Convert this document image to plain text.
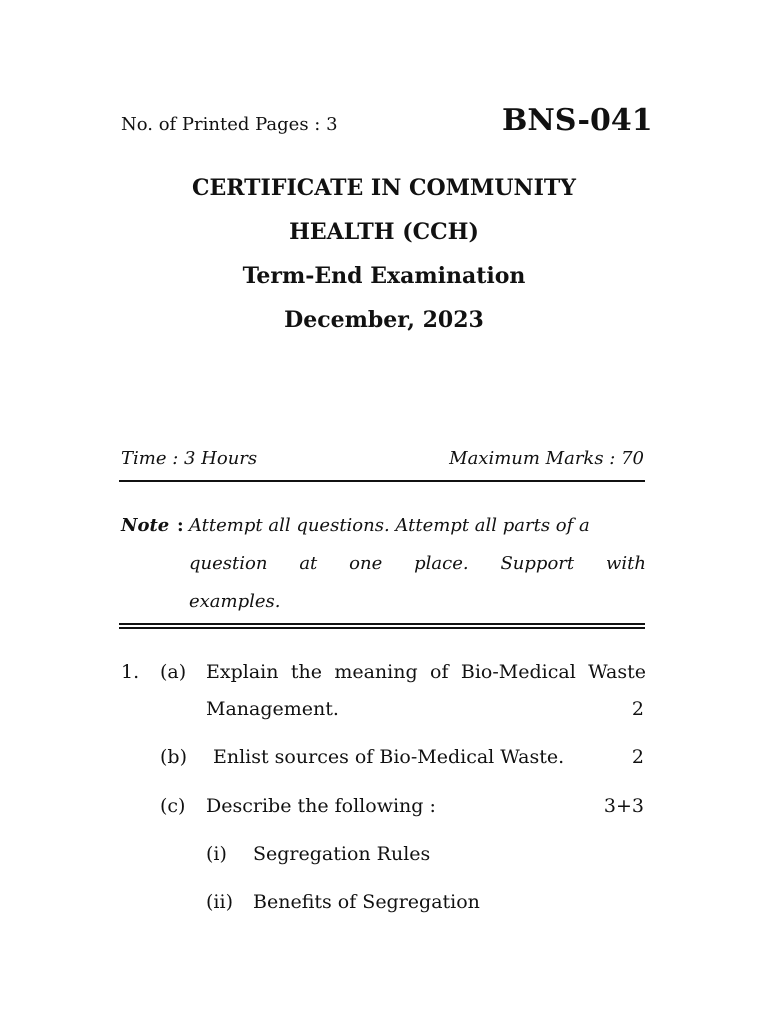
No. of Printed Pages : 3	BNS-041
CERTIFICATE IN COMMUNITY
HEALTH (CCH)
Term-End Examination
December, 2023
Time : 3 Hours	Maximum Marks : 70
Note : Attempt all questions. Attempt all parts of a
question at one place. Support with
examples.
1. (a) Explain the meaning of Bio-Medical Waste
Management.	2
(b) Enlist sources of Bio-Medical Waste.	2
(c) Describe the following :	3+3
(i) Segregation Rules
(ii) Benefits of Segregation
